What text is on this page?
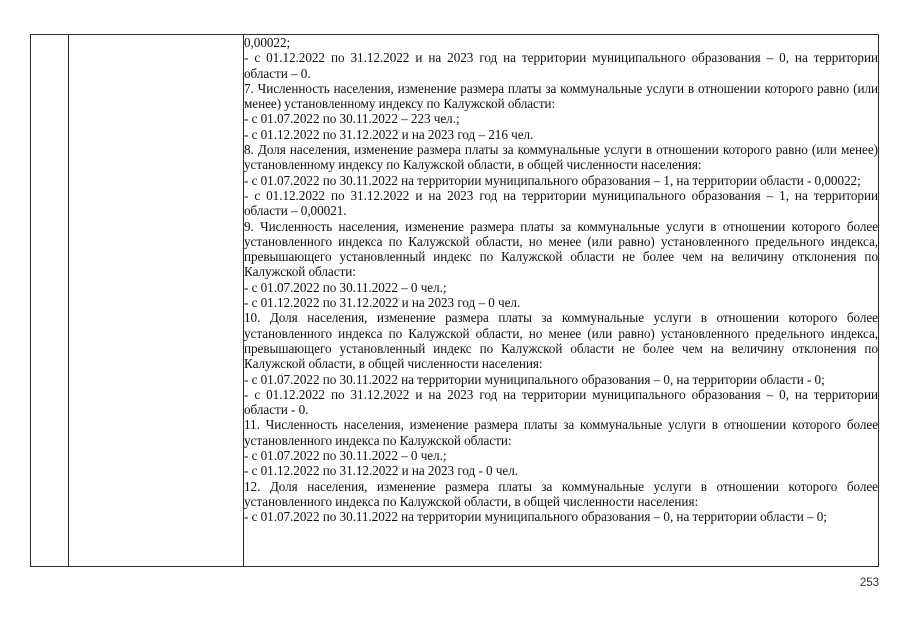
0,00022;

- с 01.12.2022 по 31.12.2022 и на 2023 год на территории муниципального образования – 0, на территории области – 0.

7. Численность населения, изменение размера платы за коммунальные услуги в отношении которого равно (или менее) установленному индексу по Калужской области:

- с 01.07.2022 по 30.11.2022 – 223 чел.;

- с 01.12.2022 по 31.12.2022 и на 2023 год – 216 чел.

8. Доля населения, изменение размера платы за коммунальные услуги в отношении которого равно (или менее) установленному индексу по Калужской области, в общей численности населения:

- с 01.07.2022 по 30.11.2022 на территории муниципального образования – 1, на территории области - 0,00022;

- с 01.12.2022 по 31.12.2022 и на 2023 год на территории муниципального образования – 1, на территории области – 0,00021.

9. Численность населения, изменение размера платы за коммунальные услуги в отношении которого более установленного индекса по Калужской области, но менее (или равно) установленного предельного индекса, превышающего установленный индекс по Калужской области не более чем на величину отклонения по Калужской области:

- с 01.07.2022 по 30.11.2022 – 0 чел.;

- с 01.12.2022 по 31.12.2022 и на 2023 год – 0 чел.

10. Доля населения, изменение размера платы за коммунальные услуги в отношении которого более установленного индекса по Калужской области, но менее (или равно) установленного предельного индекса, превышающего установленный индекс по Калужской области не более чем на величину отклонения по Калужской области, в общей численности населения:

- с 01.07.2022 по 30.11.2022 на территории муниципального образования – 0, на территории области - 0;

- с 01.12.2022 по 31.12.2022 и на 2023 год на территории муниципального образования – 0, на территории области - 0.

11. Численность населения, изменение размера платы за коммунальные услуги в отношении которого более установленного индекса по Калужской области:

- с 01.07.2022 по 30.11.2022 – 0 чел.;

- с 01.12.2022 по 31.12.2022 и на 2023 год - 0 чел.

12. Доля населения, изменение размера платы за коммунальные услуги в отношении которого более установленного индекса по Калужской области, в общей численности населения:

- с 01.07.2022 по 30.11.2022 на территории муниципального образования – 0, на территории области – 0;

253
